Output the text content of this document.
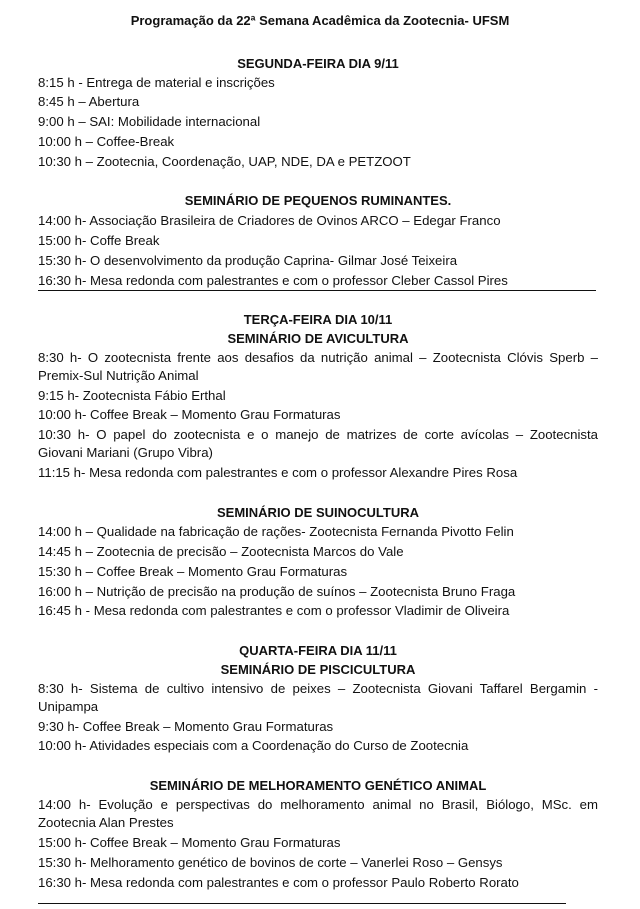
Programação da 22ª Semana Acadêmica da Zootecnia- UFSM
SEGUNDA-FEIRA DIA 9/11
8:15 h - Entrega de material e inscrições
8:45 h – Abertura
9:00 h – SAI: Mobilidade internacional
10:00 h – Coffee-Break
10:30 h – Zootecnia, Coordenação, UAP, NDE, DA e PETZOOT
SEMINÁRIO DE PEQUENOS RUMINANTES.
14:00 h- Associação Brasileira de Criadores de Ovinos ARCO – Edegar Franco
15:00 h- Coffe Break
15:30 h- O desenvolvimento da produção Caprina- Gilmar José Teixeira
16:30 h- Mesa redonda com palestrantes e com o professor Cleber Cassol Pires
TERÇA-FEIRA DIA 10/11
SEMINÁRIO DE AVICULTURA
8:30 h- O zootecnista frente aos desafios da nutrição animal – Zootecnista Clóvis Sperb – Premix-Sul Nutrição Animal
9:15 h- Zootecnista Fábio Erthal
10:00 h- Coffee Break – Momento Grau Formaturas
10:30 h- O papel do zootecnista e o manejo de matrizes de corte avícolas – Zootecnista Giovani Mariani (Grupo Vibra)
11:15 h- Mesa redonda com palestrantes e com o professor Alexandre Pires Rosa
SEMINÁRIO DE SUINOCULTURA
14:00 h – Qualidade na fabricação de rações- Zootecnista Fernanda Pivotto Felin
14:45 h – Zootecnia de precisão – Zootecnista Marcos do Vale
15:30 h – Coffee Break – Momento Grau Formaturas
16:00 h – Nutrição de precisão na produção de suínos – Zootecnista Bruno Fraga
16:45 h - Mesa redonda com palestrantes e com o professor Vladimir de Oliveira
QUARTA-FEIRA DIA 11/11
SEMINÁRIO DE PISCICULTURA
8:30 h- Sistema de cultivo intensivo de peixes – Zootecnista Giovani Taffarel Bergamin - Unipampa
9:30 h- Coffee Break – Momento Grau Formaturas
10:00 h- Atividades especiais com a Coordenação do Curso de Zootecnia
SEMINÁRIO DE MELHORAMENTO GENÉTICO ANIMAL
14:00 h- Evolução e perspectivas do melhoramento animal no Brasil, Biólogo, MSc. em Zootecnia Alan Prestes
15:00 h- Coffee Break – Momento Grau Formaturas
15:30 h- Melhoramento genético de bovinos de corte – Vanerlei Roso – Gensys
16:30 h- Mesa redonda com palestrantes e com o professor Paulo Roberto Rorato
